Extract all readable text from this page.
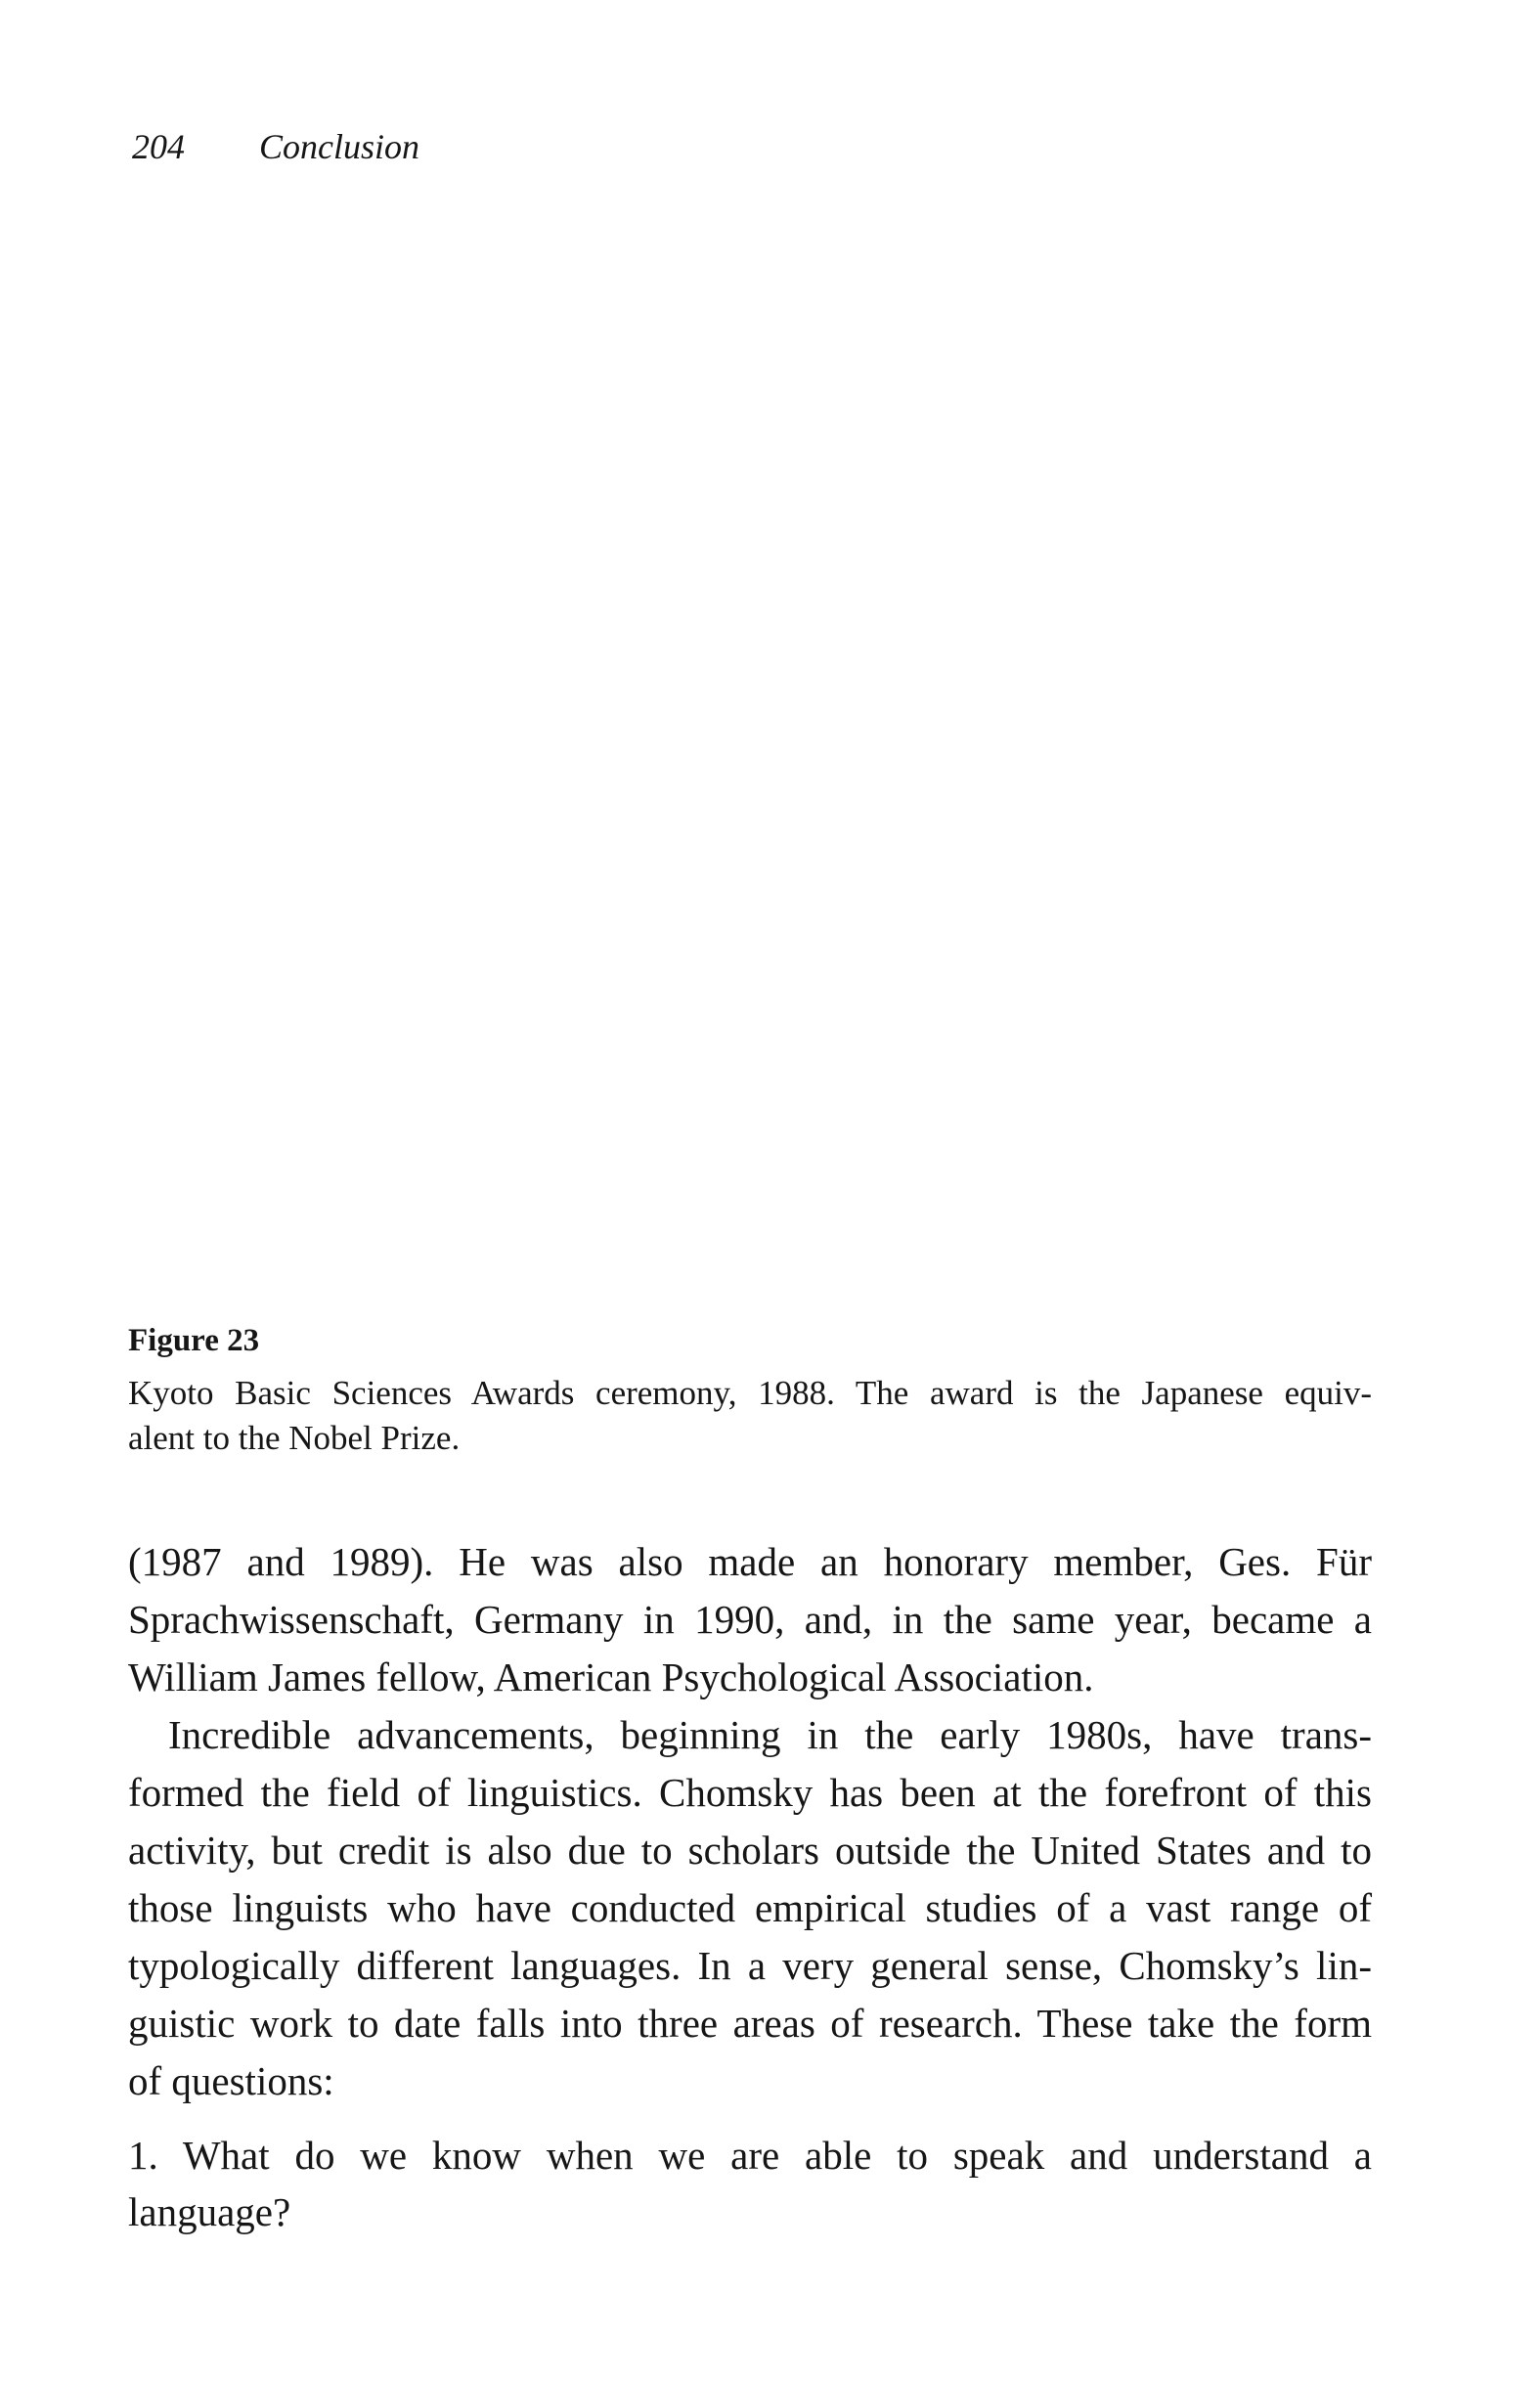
204 Conclusion
Figure 23
Kyoto Basic Sciences Awards ceremony, 1988. The award is the Japanese equiv-
alent to the Nobel Prize.
(1987 and 1989). He was also made an honorary member, Ges. Für
Sprachwissenschaft, Germany in 1990, and, in the same year, became a
William James fellow, American Psychological Association.
Incredible advancements, beginning in the early 1980s, have trans-
formed the field of linguistics. Chomsky has been at the forefront of this
activity, but credit is also due to scholars outside the United States and to
those linguists who have conducted empirical studies of a vast range of
typologically different languages. In a very general sense, Chomsky’s lin-
guistic work to date falls into three areas of research. These take the form
of questions:
1. What do we know when we are able to speak and understand a
language?
